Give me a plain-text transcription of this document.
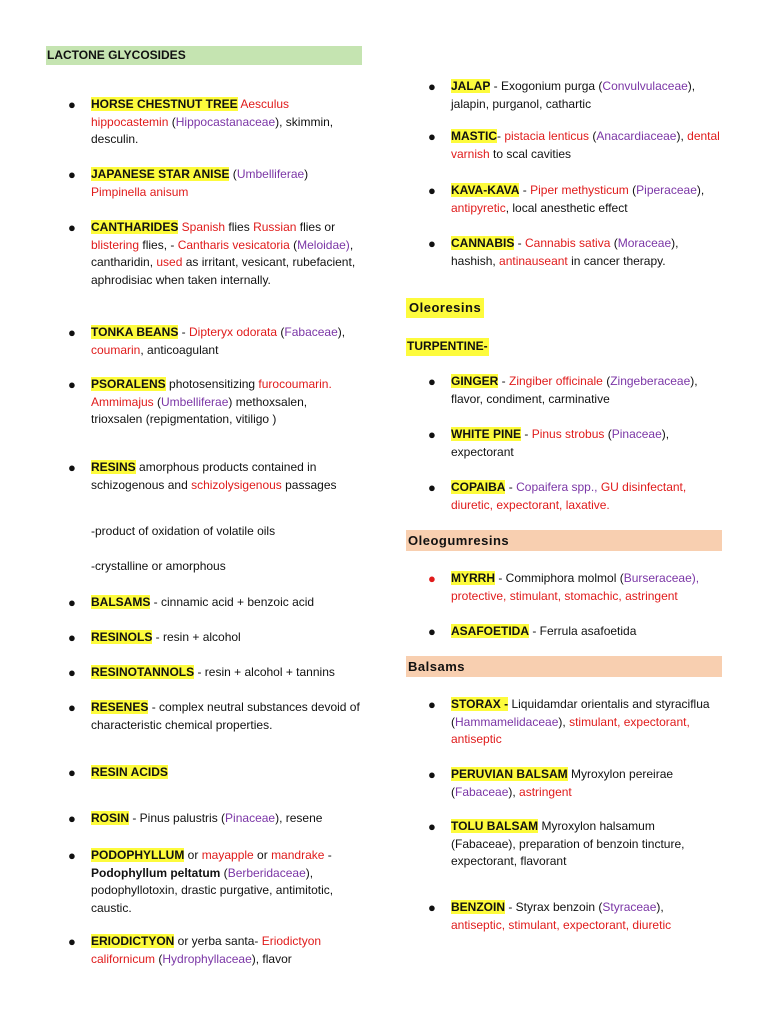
LACTONE GLYCOSIDES
● HORSE CHESTNUT TREE Aesculus hippocastemin (Hippocastanaceae), skimmin, desculin.
● JAPANESE STAR ANISE (Umbelliferae)
Pimpinella anisum
● CANTHARIDES Spanish flies Russian flies or blistering flies, - Cantharis vesicatoria (Meloidae), cantharidin, used as irritant, vesicant, rubefacient, aphrodisiac when taken internally.
● TONKA BEANS - Dipteryx odorata (Fabaceae), coumarin, anticoagulant
● PSORALENS photosensitizing furocoumarin.
Ammimajus (Umbelliferae) methoxsalen, trioxsalen (repigmentation, vitiligo )
● RESINS amorphous products contained in schizogenous and schizolysigenous passages
-product of oxidation of volatile oils
-crystalline or amorphous
● BALSAMS - cinnamic acid + benzoic acid
● RESINOLS - resin + alcohol
● RESINOTANNOLS - resin + alcohol + tannins
● RESENES - complex neutral substances devoid of characteristic chemical properties.
● RESIN ACIDS
● ROSIN - Pinus palustris (Pinaceae), resene
● PODOPHYLLUM or mayapple or mandrake - Podophyllum peltatum (Berberidaceae), podophyllotoxin, drastic purgative, antimitotic, caustic.
● ERIODICTYON or yerba santa- Eriodictyon californicum (Hydrophyllaceae), flavor
● JALAP - Exogonium purga (Convulvulaceae), jalapin, purganol, cathartic
● MASTIC- pistacia lenticus (Anacardiaceae), dental varnish to scal cavities
● KAVA-KAVA - Piper methysticum (Piperaceae), antipyretic, local anesthetic effect
● CANNABIS - Cannabis sativa (Moraceae), hashish, antinauseant in cancer therapy.
● GINGER - Zingiber officinale (Zingeberaceae), flavor, condiment, carminative
● WHITE PINE - Pinus strobus (Pinaceae), expectorant
● COPAIBA - Copaifera spp., GU disinfectant, diuretic, expectorant, laxative.
● MYRRH - Commiphora molmol (Burseraceae), protective, stimulant, stomachic, astringent
● ASAFOETIDA - Ferrula asafoetida
● STORAX - Liquidamdar orientalis and styraciflua (Hammamelidaceae), stimulant, expectorant, antiseptic
● PERUVIAN BALSAM Myroxylon pereirae (Fabaceae), astringent
● TOLU BALSAM Myroxylon halsamum (Fabaceae), preparation of benzoin tincture, expectorant, flavorant
● BENZOIN - Styrax benzoin (Styraceae), antiseptic, stimulant, expectorant, diuretic
Oleoresins
Oleogumresins
Balsams
TURPENTINE-
